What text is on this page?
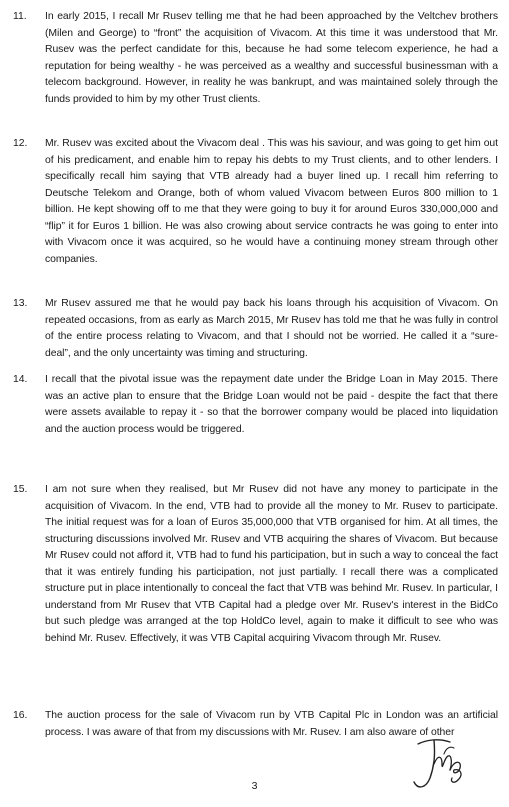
11. In early 2015, I recall Mr Rusev telling me that he had been approached by the Veltchev brothers (Milen and George) to “front” the acquisition of Vivacom. At this time it was understood that Mr. Rusev was the perfect candidate for this, because he had some telecom experience, he had a reputation for being wealthy - he was perceived as a wealthy and successful businessman with a telecom background. However, in reality he was bankrupt, and was maintained solely through the funds provided to him by my other Trust clients.
12. Mr. Rusev was excited about the Vivacom deal . This was his saviour, and was going to get him out of his predicament, and enable him to repay his debts to my Trust clients, and to other lenders. I specifically recall him saying that VTB already had a buyer lined up. I recall him referring to Deutsche Telekom and Orange, both of whom valued Vivacom between Euros 800 million to 1 billion. He kept showing off to me that they were going to buy it for around Euros 330,000,000 and “flip” it for Euros 1 billion. He was also crowing about service contracts he was going to enter into with Vivacom once it was acquired, so he would have a continuing money stream through other companies.
13. Mr Rusev assured me that he would pay back his loans through his acquisition of Vivacom. On repeated occasions, from as early as March 2015, Mr Rusev has told me that he was fully in control of the entire process relating to Vivacom, and that I should not be worried. He called it a “sure-deal”, and the only uncertainty was timing and structuring.
14. I recall that the pivotal issue was the repayment date under the Bridge Loan in May 2015. There was an active plan to ensure that the Bridge Loan would not be paid - despite the fact that there were assets available to repay it - so that the borrower company would be placed into liquidation and the auction process would be triggered.
15. I am not sure when they realised, but Mr Rusev did not have any money to participate in the acquisition of Vivacom. In the end, VTB had to provide all the money to Mr. Rusev to participate. The initial request was for a loan of Euros 35,000,000 that VTB organised for him. At all times, the structuring discussions involved Mr. Rusev and VTB acquiring the shares of Vivacom. But because Mr Rusev could not afford it, VTB had to fund his participation, but in such a way to conceal the fact that it was entirely funding his participation, not just partially. I recall there was a complicated structure put in place intentionally to conceal the fact that VTB was behind Mr. Rusev. In particular, I understand from Mr Rusev that VTB Capital had a pledge over Mr. Rusev's interest in the BidCo but such pledge was arranged at the top HoldCo level, again to make it difficult to see who was behind Mr. Rusev. Effectively, it was VTB Capital acquiring Vivacom through Mr. Rusev.
16. The auction process for the sale of Vivacom run by VTB Capital Plc in London was an artificial process. I was aware of that from my discussions with Mr. Rusev. I am also aware of other
3
